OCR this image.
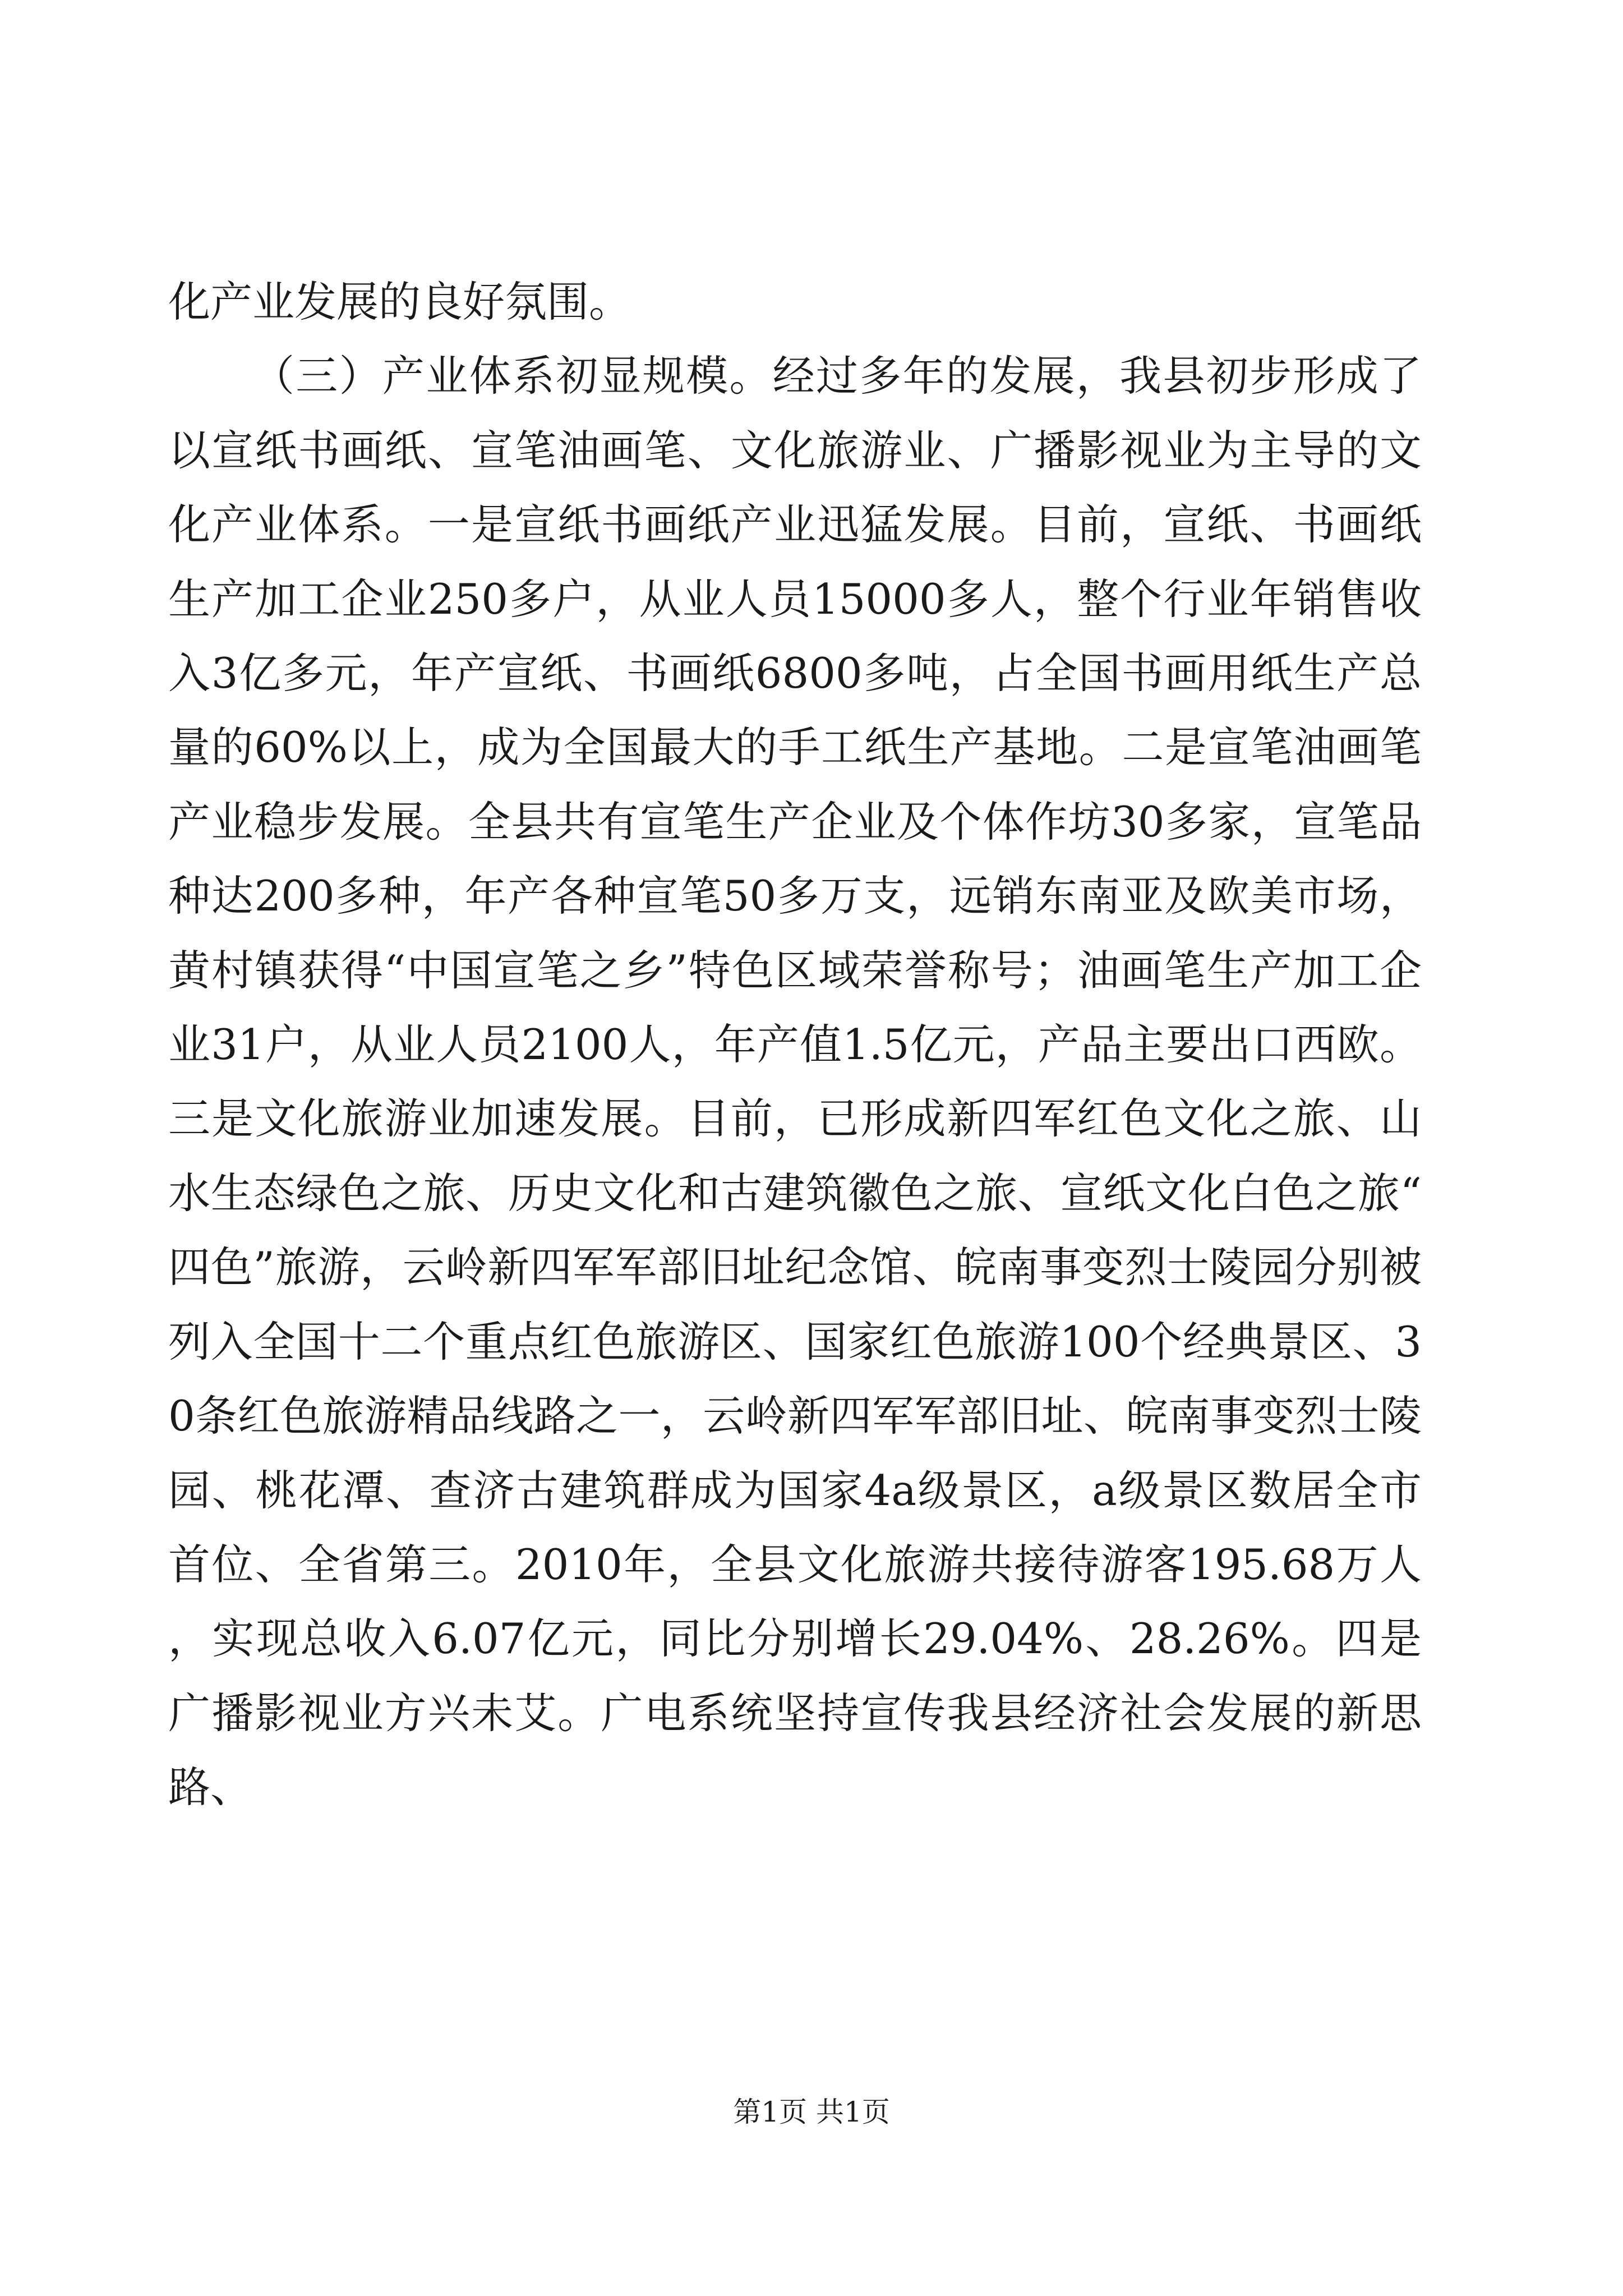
化产业发展的良好氛围。

（三）产业体系初显规模。经过多年的发展，我县初步形成了以宣纸书画纸、宣笔油画笔、文化旅游业、广播影视业为主导的文化产业体系。一是宣纸书画纸产业迅猛发展。目前，宣纸、书画纸生产加工企业250多户，从业人员15000多人，整个行业年销售收入3亿多元，年产宣纸、书画纸6800多吨，占全国书画用纸生产总量的60%以上，成为全国最大的手工纸生产基地。二是宣笔油画笔产业稳步发展。全县共有宣笔生产企业及个体作坊30多家，宣笔品种达200多种，年产各种宣笔50多万支，远销东南亚及欧美市场，黄村镇获得“中国宣笔之乡”特色区域荣誉称号；油画笔生产加工企业31户，从业人员2100人，年产值1.5亿元，产品主要出口西欧。三是文化旅游业加速发展。目前，已形成新四军红色文化之旅、山水生态绿色之旅、历史文化和古建筑徽色之旅、宣纸文化白色之旅“四色”旅游，云岭新四军军部旧址纪念馆、皖南事变烈士陵园分别被列入全国十二个重点红色旅游区、国家红色旅游100个经典景区、30条红色旅游精品线路之一，云岭新四军军部旧址、皖南事变烈士陵园、桃花潭、查济古建筑群成为国家4a级景区，a级景区数居全市首位、全省第三。2010年，全县文化旅游共接待游客195.68万人，实现总收入6.07亿元，同比分别增长29.04%、28.26%。四是广播影视业方兴未艾。广电系统坚持宣传我县经济社会发展的新思路、

第1页 共1页
